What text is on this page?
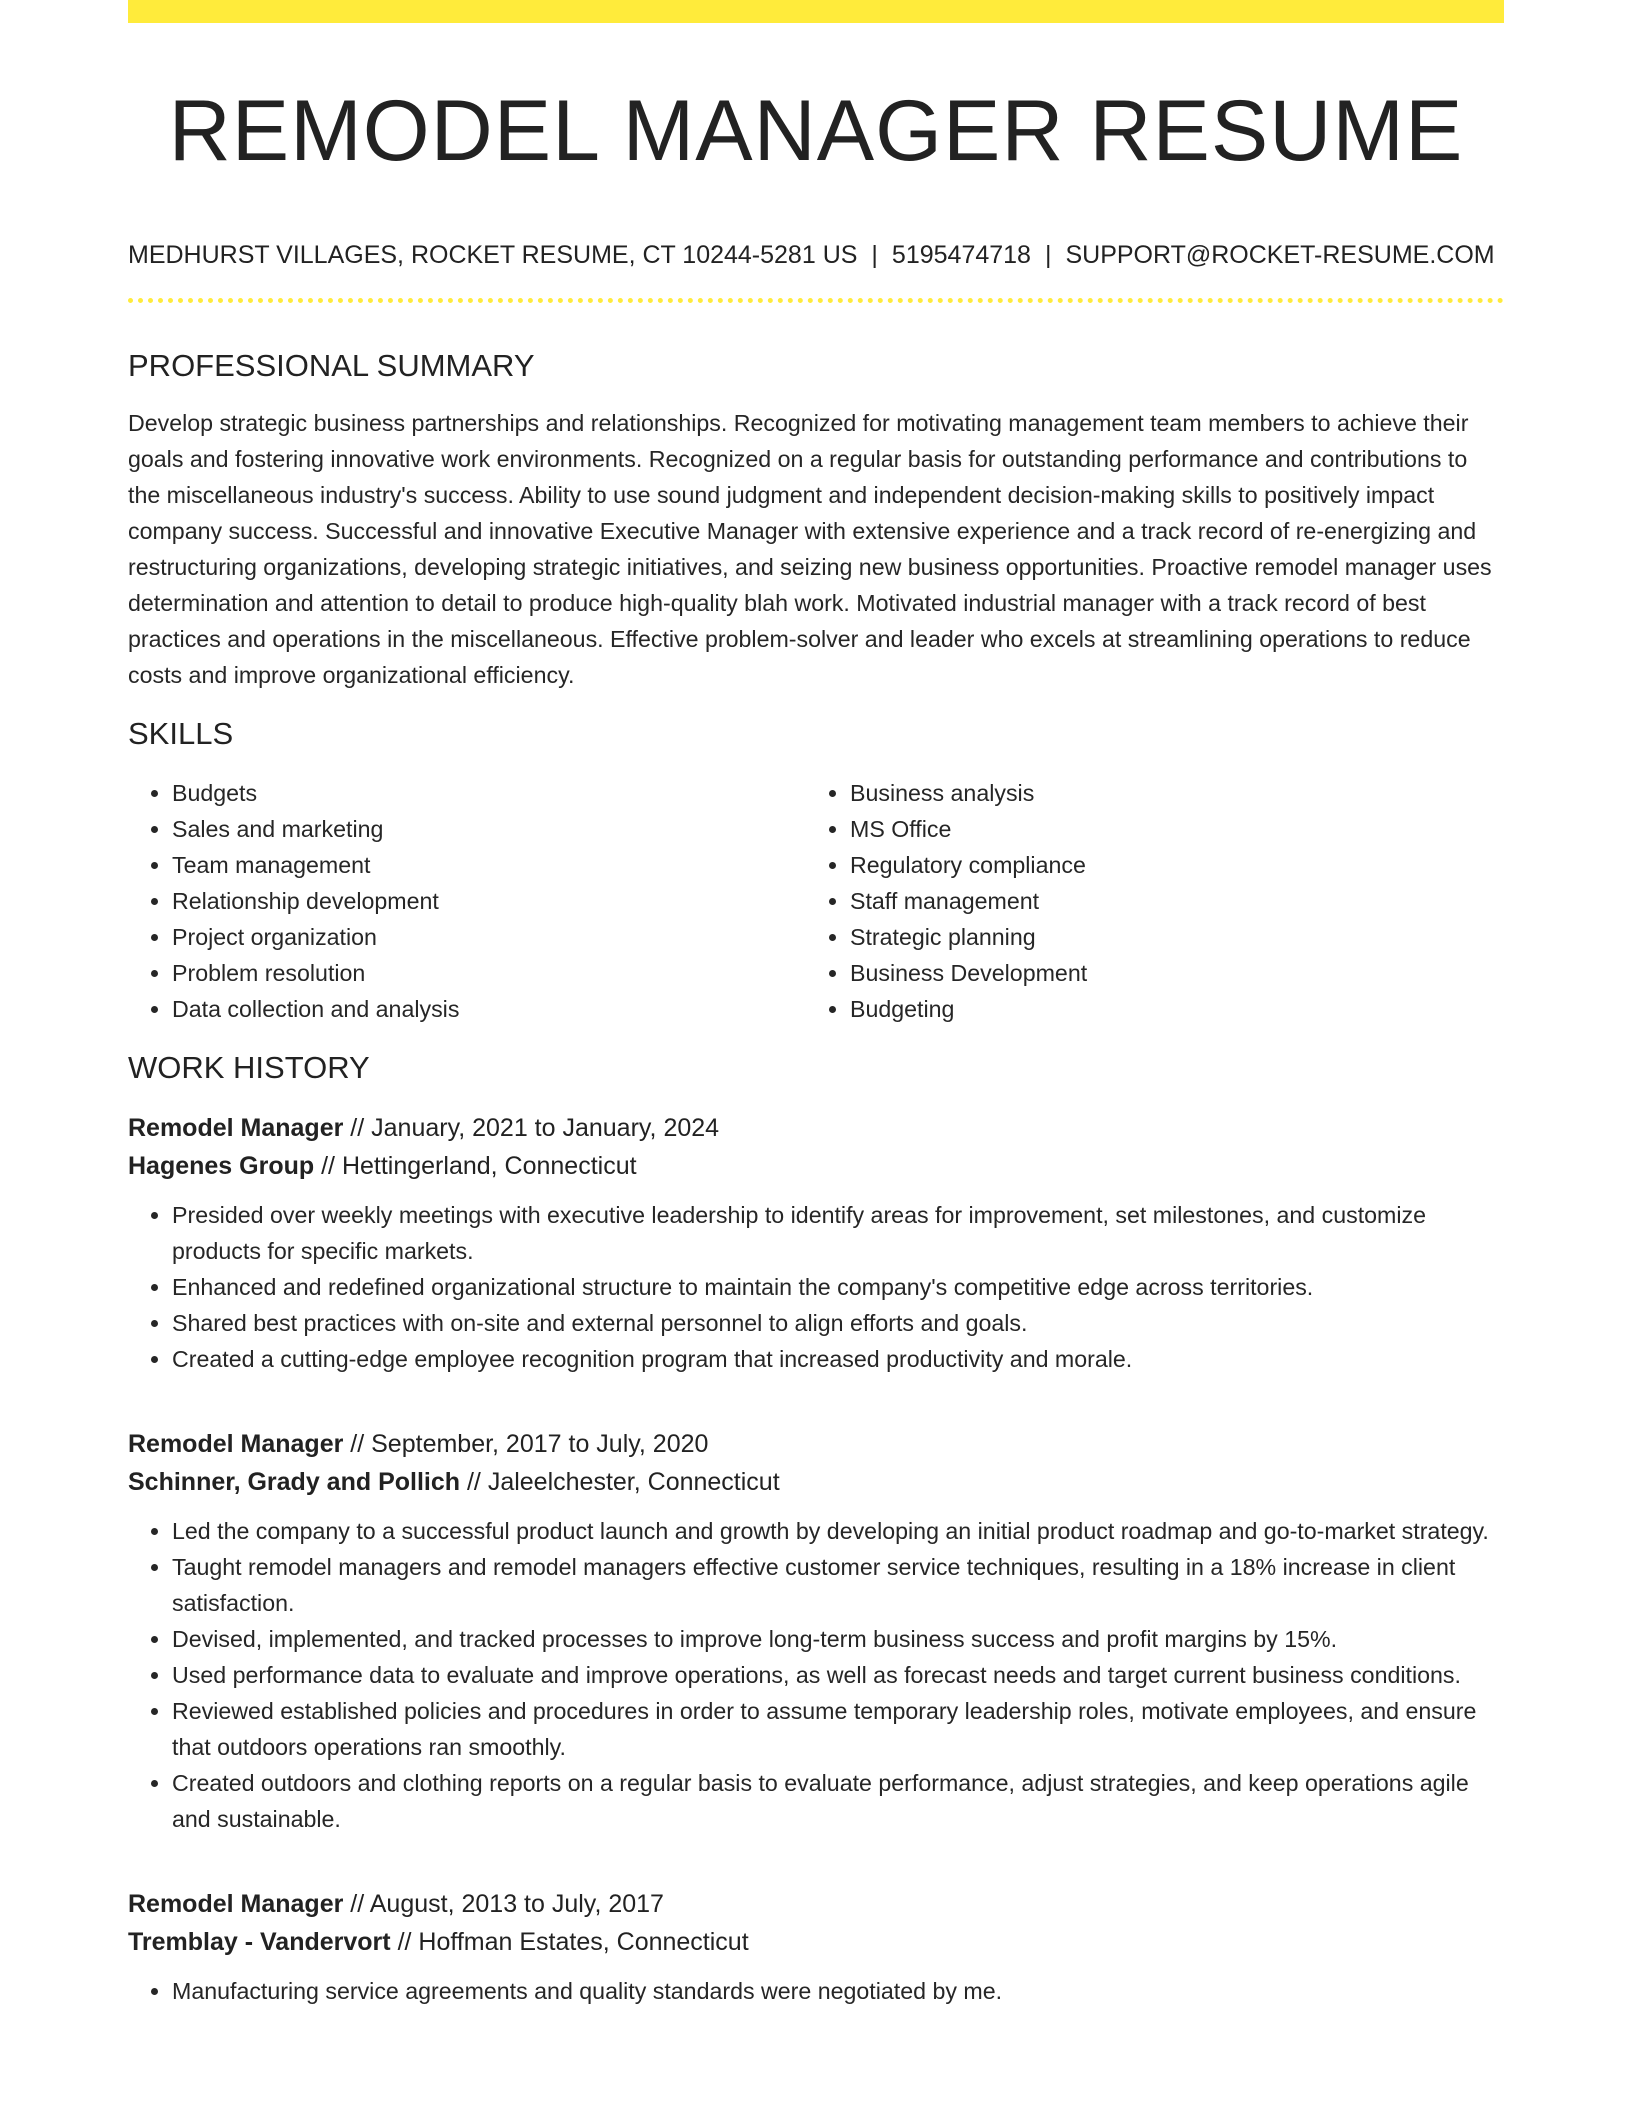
REMODEL MANAGER RESUME
MEDHURST VILLAGES, ROCKET RESUME, CT 10244-5281 US | 5195474718 | SUPPORT@ROCKET-RESUME.COM
PROFESSIONAL SUMMARY

Develop strategic business partnerships and relationships. Recognized for motivating management team members to achieve their goals and fostering innovative work environments. Recognized on a regular basis for outstanding performance and contributions to the miscellaneous industry's success. Ability to use sound judgment and independent decision-making skills to positively impact company success. Successful and innovative Executive Manager with extensive experience and a track record of re-energizing and restructuring organizations, developing strategic initiatives, and seizing new business opportunities. Proactive remodel manager uses determination and attention to detail to produce high-quality blah work. Motivated industrial manager with a track record of best practices and operations in the miscellaneous. Effective problem-solver and leader who excels at streamlining operations to reduce costs and improve organizational efficiency.

SKILLS
• Budgets
• Sales and marketing
• Team management
• Relationship development
• Project organization
• Problem resolution
• Data collection and analysis
• Business analysis
• MS Office
• Regulatory compliance
• Staff management
• Strategic planning
• Business Development
• Budgeting
WORK HISTORY
Remodel Manager // January, 2021 to January, 2024
Hagenes Group // Hettingerland, Connecticut
• Presided over weekly meetings with executive leadership to identify areas for improvement, set milestones, and customize products for specific markets.
• Enhanced and redefined organizational structure to maintain the company's competitive edge across territories.
• Shared best practices with on-site and external personnel to align efforts and goals.
• Created a cutting-edge employee recognition program that increased productivity and morale.
Remodel Manager // September, 2017 to July, 2020
Schinner, Grady and Pollich // Jaleelchester, Connecticut
• Led the company to a successful product launch and growth by developing an initial product roadmap and go-to-market strategy.
• Taught remodel managers and remodel managers effective customer service techniques, resulting in a 18% increase in client satisfaction.
• Devised, implemented, and tracked processes to improve long-term business success and profit margins by 15%.
• Used performance data to evaluate and improve operations, as well as forecast needs and target current business conditions.
• Reviewed established policies and procedures in order to assume temporary leadership roles, motivate employees, and ensure that outdoors operations ran smoothly.
• Created outdoors and clothing reports on a regular basis to evaluate performance, adjust strategies, and keep operations agile and sustainable.
Remodel Manager // August, 2013 to July, 2017
Tremblay - Vandervort // Hoffman Estates, Connecticut
• Manufacturing service agreements and quality standards were negotiated by me.
